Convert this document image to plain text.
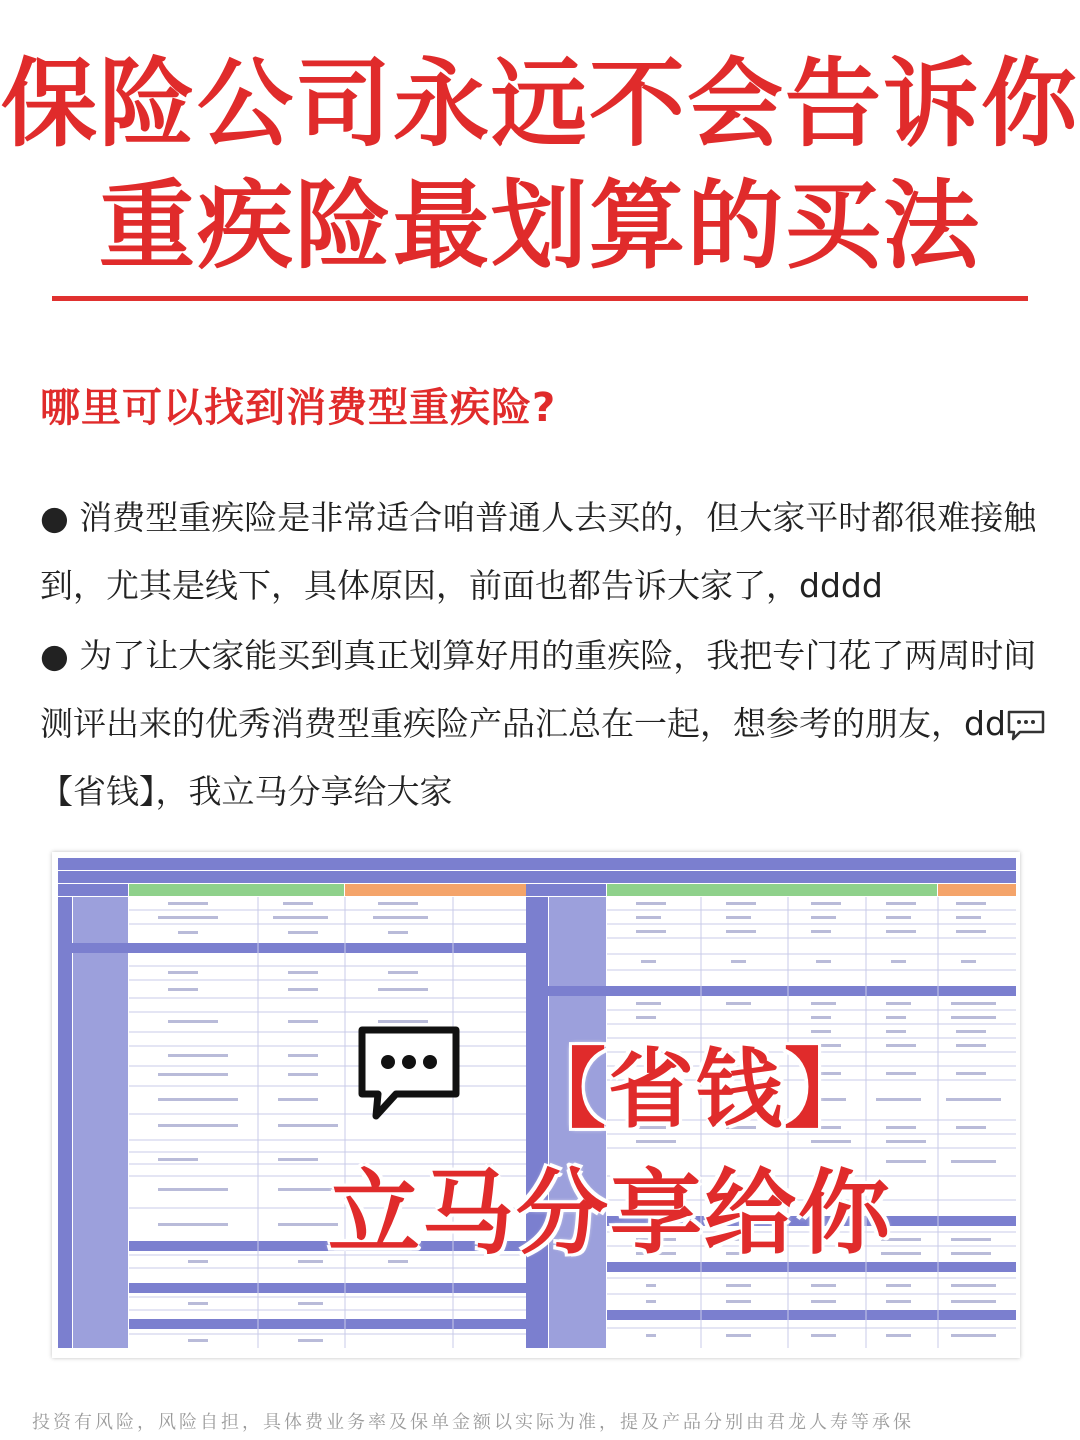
保险公司永远不会告诉你
重疾险最划算的买法
哪里可以找到消费型重疾险?
● 消费型重疾险是非常适合咱普通人去买的，但大家平时都很难接触到，尤其是线下，具体原因，前面也都告诉大家了，dddd
● 为了让大家能买到真正划算好用的重疾险，我把专门花了两周时间测评出来的优秀消费型重疾险产品汇总在一起，想参考的朋友，dd【省钱】，我立马分享给大家
【省钱】
立马分享给你
投资有风险，风险自担，具体费业务率及保单金额以实际为准，提及产品分别由君龙人寿等承保
